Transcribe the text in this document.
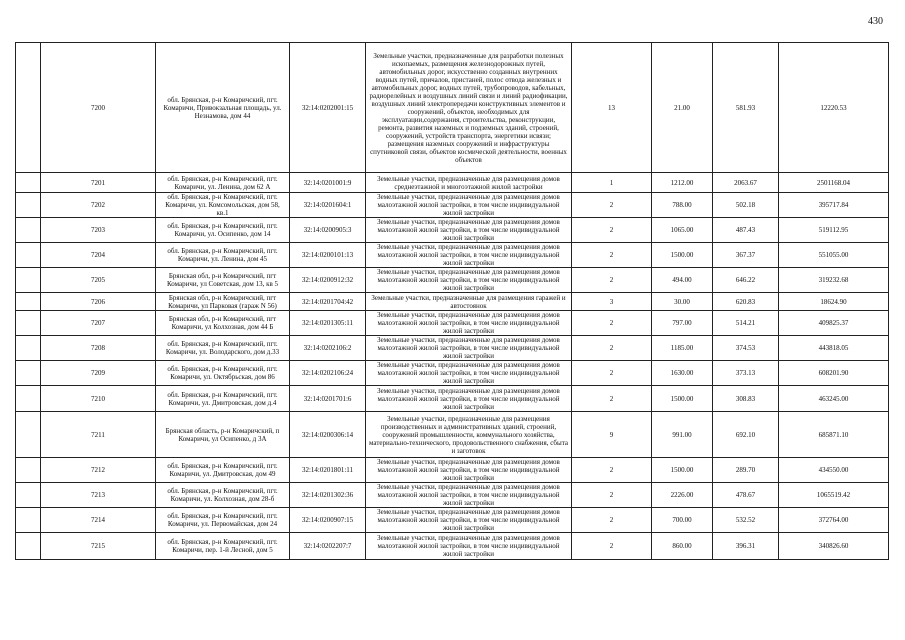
430
	7200	обл. Брянская, р-н Комаричский, пгт. Комаричи, Привокзальная площадь, ул. Незнамова, дом 44	32:14:0202001:15	Земельные участки, предназначенные для разработки полезных ископаемых, размещения железнодорожных путей, автомобильных дорог, искусственно созданных внутренних водных путей, причалов, пристаней, полос отвода железных и автомобильных дорог, водных путей, трубопроводов, кабельных, радиорелейных и воздушных линий связи и линий радиофикации, воздушных линий электропередачи конструктивных элементов и сооружений, объектов, необходимых для эксплуатации,содержания, строительства, реконструкции, ремонта, развития наземных и подземных зданий, строений, сооружений, устройств транспорта, энергетики исвязи; размещения наземных сооружений и инфраструктуры спутниковой связи, объектов космической деятельности, военных объектов	13	21.00	581.93	12220.53
	7201	обл. Брянская, р-н Комаричский, пгт. Комаричи, ул. Ленина, дом 62 А	32:14:0201001:9	Земельные участки, предназначенные для размещения домов среднеэтажной и многоэтажной жилой застройки	1	1212.00	2063.67	2501168.04
	7202	обл. Брянская, р-н Комаричский, пгт. Комаричи, ул. Комсомольская, дом 58, кв.1	32:14:0201604:1	Земельные участки, предназначенные для размещения домов малоэтажной жилой застройки, в том числе индивидуальной жилой застройки	2	788.00	502.18	395717.84
	7203	обл. Брянская, р-н Комаричский, пгт. Комаричи, ул. Осипенко, дом 14	32:14:0200905:3	Земельные участки, предназначенные для размещения домов малоэтажной жилой застройки, в том числе индивидуальной жилой застройки	2	1065.00	487.43	519112.95
	7204	обл. Брянская, р-н Комаричский, пгт. Комаричи, ул. Ленина, дом 45	32:14:0200101:13	Земельные участки, предназначенные для размещения домов малоэтажной жилой застройки, в том числе индивидуальной жилой застройки	2	1500.00	367.37	551055.00
	7205	Брянская обл, р-н Комаричский, пгт Комаричи, ул Советская, дом 13, кв 5	32:14:0200912:32	Земельные участки, предназначенные для размещения домов малоэтажной жилой застройки, в том числе индивидуальной жилой застройки	2	494.00	646.22	319232.68
	7206	Брянская обл, р-н Комаричский, пгт Комаричи, ул Парковая (гараж N 56)	32:14:0201704:42	Земельные участки, предназначенные для размещения гаражей и автостоянок	3	30.00	620.83	18624.90
	7207	Брянская обл, р-н Комаричский, пгт Комаричи, ул Колхозная, дом 44 Б	32:14:0201305:11	Земельные участки, предназначенные для размещения домов малоэтажной жилой застройки, в том числе индивидуальной жилой застройки	2	797.00	514.21	409825.37
	7208	обл. Брянская, р-н Комаричский, пгт. Комаричи, ул. Володарского, дом д.33	32:14:0202106:2	Земельные участки, предназначенные для размещения домов малоэтажной жилой застройки, в том числе индивидуальной жилой застройки	2	1185.00	374.53	443818.05
	7209	обл. Брянская, р-н Комаричский, пгт. Комаричи, ул. Октябрьская, дом 86	32:14:0202106:24	Земельные участки, предназначенные для размещения домов малоэтажной жилой застройки, в том числе индивидуальной жилой застройки	2	1630.00	373.13	608201.90
	7210	обл. Брянская, р-н Комаричский, пгт. Комаричи, ул. Дмитровская, дом д.4	32:14:0201701:6	Земельные участки, предназначенные для размещения домов малоэтажной жилой застройки, в том числе индивидуальной жилой застройки	2	1500.00	308.83	463245.00
	7211	Брянская область, р-н Комаричский, п Комаричи, ул Осипенко, д 3А	32:14:0200306:14	Земельные участки, предназначенные для размещения производственных и административных зданий, строений, сооружений промышленности, коммунального хозяйства, материально-технического, продовольственного снабжения, сбыта и заготовок	9	991.00	692.10	685871.10
	7212	обл. Брянская, р-н Комаричский, пгт. Комаричи, ул. Дмитровская, дом 49	32:14:0201801:11	Земельные участки, предназначенные для размещения домов малоэтажной жилой застройки, в том числе индивидуальной жилой застройки	2	1500.00	289.70	434550.00
	7213	обл. Брянская, р-н Комаричский, пгт. Комаричи, ул. Колхозная, дом 28-б	32:14:0201302:36	Земельные участки, предназначенные для размещения домов малоэтажной жилой застройки, в том числе индивидуальной жилой застройки	2	2226.00	478.67	1065519.42
	7214	обл. Брянская, р-н Комаричский, пгт. Комаричи, ул. Первомайская, дом 24	32:14:0200907:15	Земельные участки, предназначенные для размещения домов малоэтажной жилой застройки, в том числе индивидуальной жилой застройки	2	700.00	532.52	372764.00
	7215	обл. Брянская, р-н Комаричский, пгт. Комаричи, пер. 1-й Лесной, дом 5	32:14:0202207:7	Земельные участки, предназначенные для размещения домов малоэтажной жилой застройки, в том числе индивидуальной жилой застройки	2	860.00	396.31	340826.60
